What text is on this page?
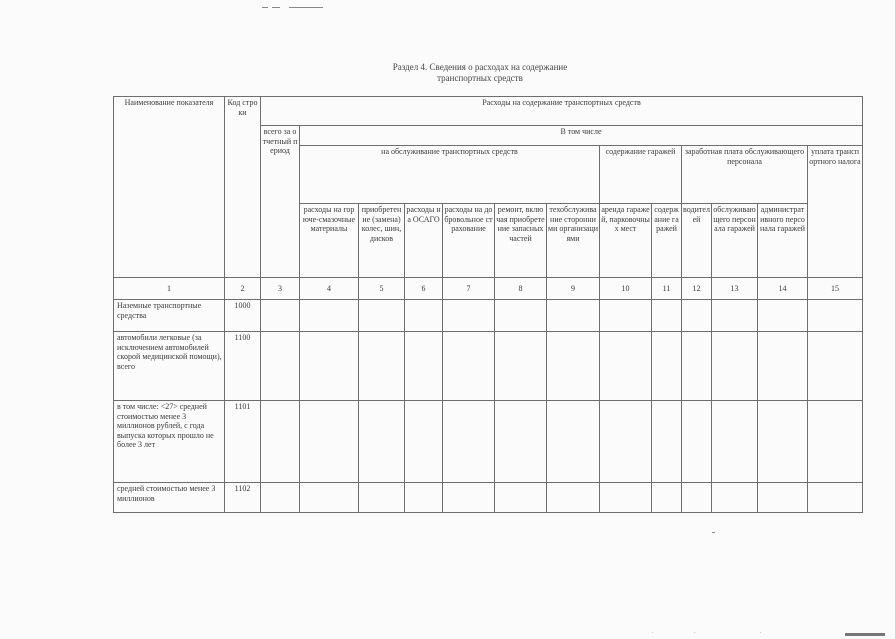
Раздел 4. Сведения о расходах на содержание
транспортных средств
Наименование показателя	Код строки	Расходы на содержание транспортных средств												
		всего за отчетный период	В том числе											
			на обслуживание транспортных средств						содержание гаражей		заработная плата обслуживающего персонала			уплата транспортного налога
			расходы на горюче-смазочные материалы	приобретение (замена) колес, шин, дисков	расходы на ОСАГО	расходы на добровольное страхование	ремонт, включая приобретение запасных частей	техобслуживание сторонними организациями	аренда гаражей, парковочных мест	содержание гаражей	водителей	обслуживающего персонала гаражей	административного персонала гаражей	
1	2	3	4	5	6	7	8	9	10	11	12	13	14	15
Наземные транспортные средства	1000													
автомобили легковые (за исключением автомобилей скорой медицинской помощи), всего	1100													
в том числе: <27> средней стоимостью менее 3 миллионов рублей, с года выпуска которых прошло не более 3 лет	1101													
средней стоимостью менее 3 миллионов	1102													
·	·	·
